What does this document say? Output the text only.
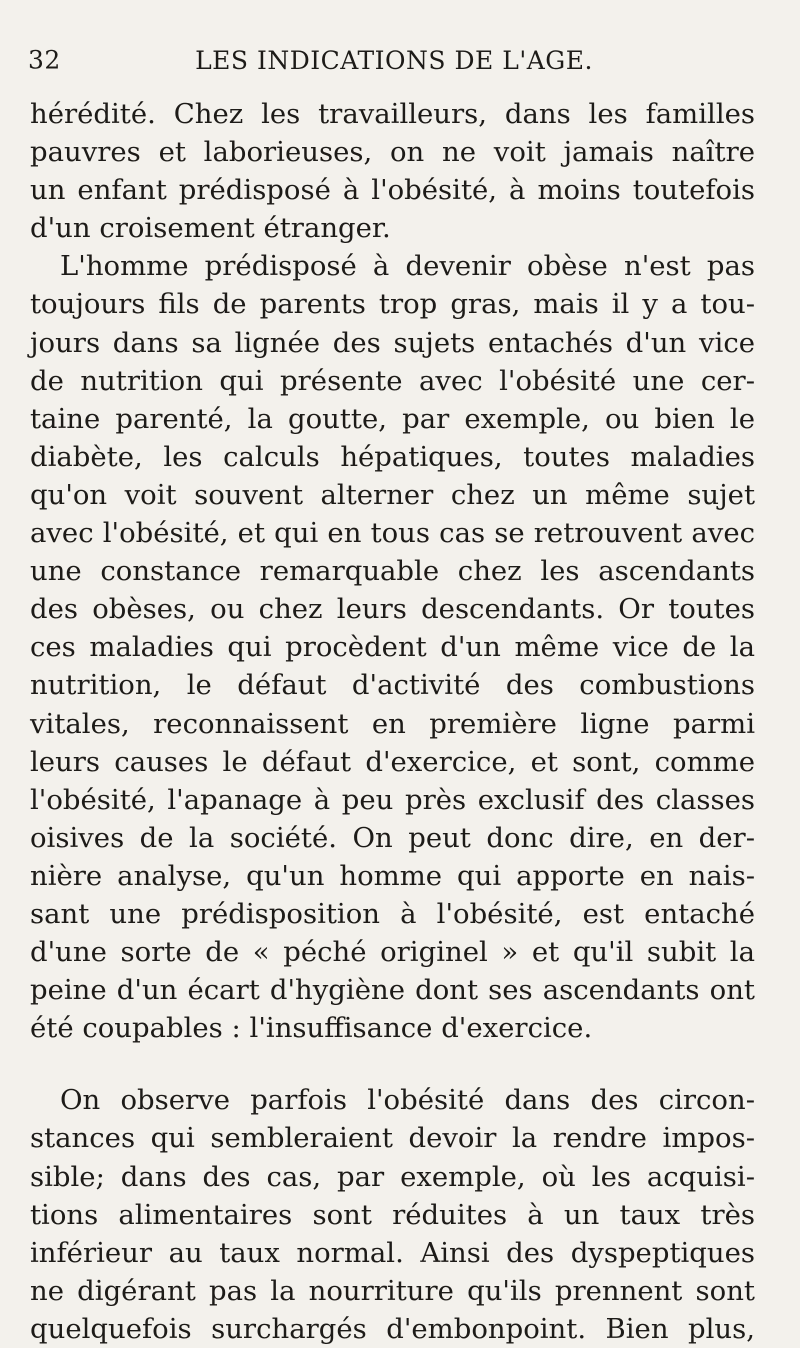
32	LES INDICATIONS DE L'AGE.
hérédité. Chez les travailleurs, dans les familles
pauvres et laborieuses, on ne voit jamais naître
un enfant prédisposé à l'obésité, à moins toutefois
d'un croisement étranger.
L'homme prédisposé à devenir obèse n'est pas
toujours fils de parents trop gras, mais il y a tou-
jours dans sa lignée des sujets entachés d'un vice
de nutrition qui présente avec l'obésité une cer-
taine parenté, la goutte, par exemple, ou bien le
diabète, les calculs hépatiques, toutes maladies
qu'on voit souvent alterner chez un même sujet
avec l'obésité, et qui en tous cas se retrouvent avec
une constance remarquable chez les ascendants
des obèses, ou chez leurs descendants. Or toutes
ces maladies qui procèdent d'un même vice de la
nutrition, le défaut d'activité des combustions
vitales, reconnaissent en première ligne parmi
leurs causes le défaut d'exercice, et sont, comme
l'obésité, l'apanage à peu près exclusif des classes
oisives de la société. On peut donc dire, en der-
nière analyse, qu'un homme qui apporte en nais-
sant une prédisposition à l'obésité, est entaché
d'une sorte de « péché originel » et qu'il subit la
peine d'un écart d'hygiène dont ses ascendants ont
été coupables : l'insuffisance d'exercice.
On observe parfois l'obésité dans des circon-
stances qui sembleraient devoir la rendre impos-
sible; dans des cas, par exemple, où les acquisi-
tions alimentaires sont réduites à un taux très
inférieur au taux normal. Ainsi des dyspeptiques
ne digérant pas la nourriture qu'ils prennent sont
quelquefois surchargés d'embonpoint. Bien plus,
